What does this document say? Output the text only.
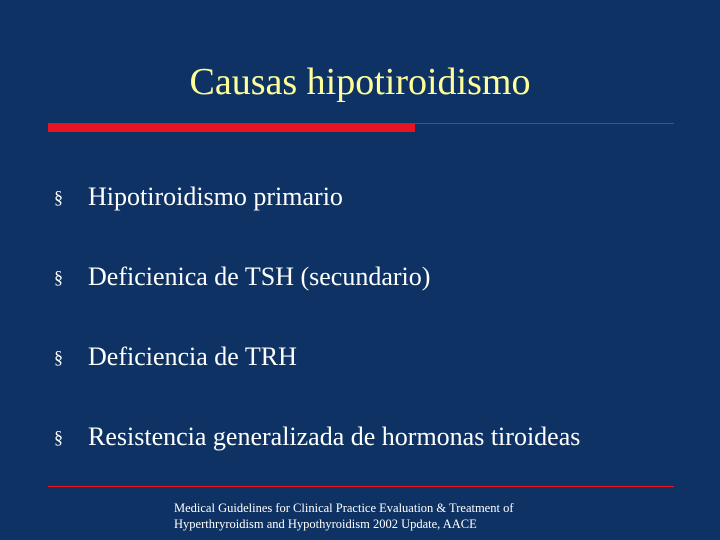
Causas hipotiroidismo
§ Hipotiroidismo primario
§ Deficienica de TSH (secundario)
§ Deficiencia de TRH
§ Resistencia generalizada de hormonas tiroideas
Medical Guidelines for Clinical Practice Evaluation & Treatment of
Hyperthryroidism and Hypothyroidism 2002 Update, AACE
